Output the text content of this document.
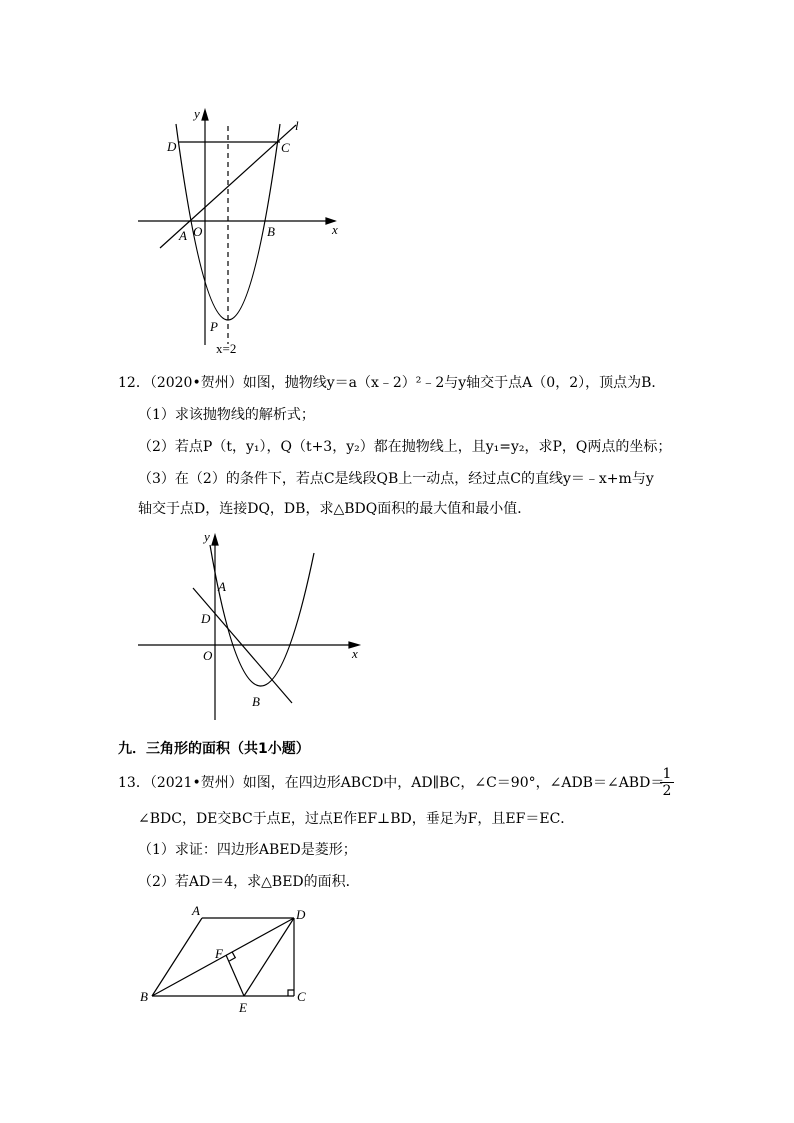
y
l
D	C
A O	B	x
P
x=2
12．（2020•贺州）如图，抛物线y＝a（x﹣2）²﹣2与y轴交于点A（0，2），顶点为B．
（1）求该抛物线的解析式；
（2）若点P（t，y₁），Q（t+3，y₂）都在抛物线上，且y₁=y₂，求P，Q两点的坐标；
（3）在（2）的条件下，若点C是线段QB上一动点，经过点C的直线y＝﹣x+m与y
轴交于点D，连接DQ，DB，求△BDQ面积的最大值和最小值．
y
A
D
O	x
B
九．三角形的面积（共1小题）
13．（2021•贺州）如图，在四边形ABCD中，AD∥BC，∠C＝90°，∠ADB＝∠ABD＝
$\frac{1}{2}$
∠BDC，DE交BC于点E，过点E作EF⊥BD，垂足为F，且EF＝EC．
（1）求证：四边形ABED是菱形；
（2）若AD＝4，求△BED的面积．
A	D
F
B
E
C
